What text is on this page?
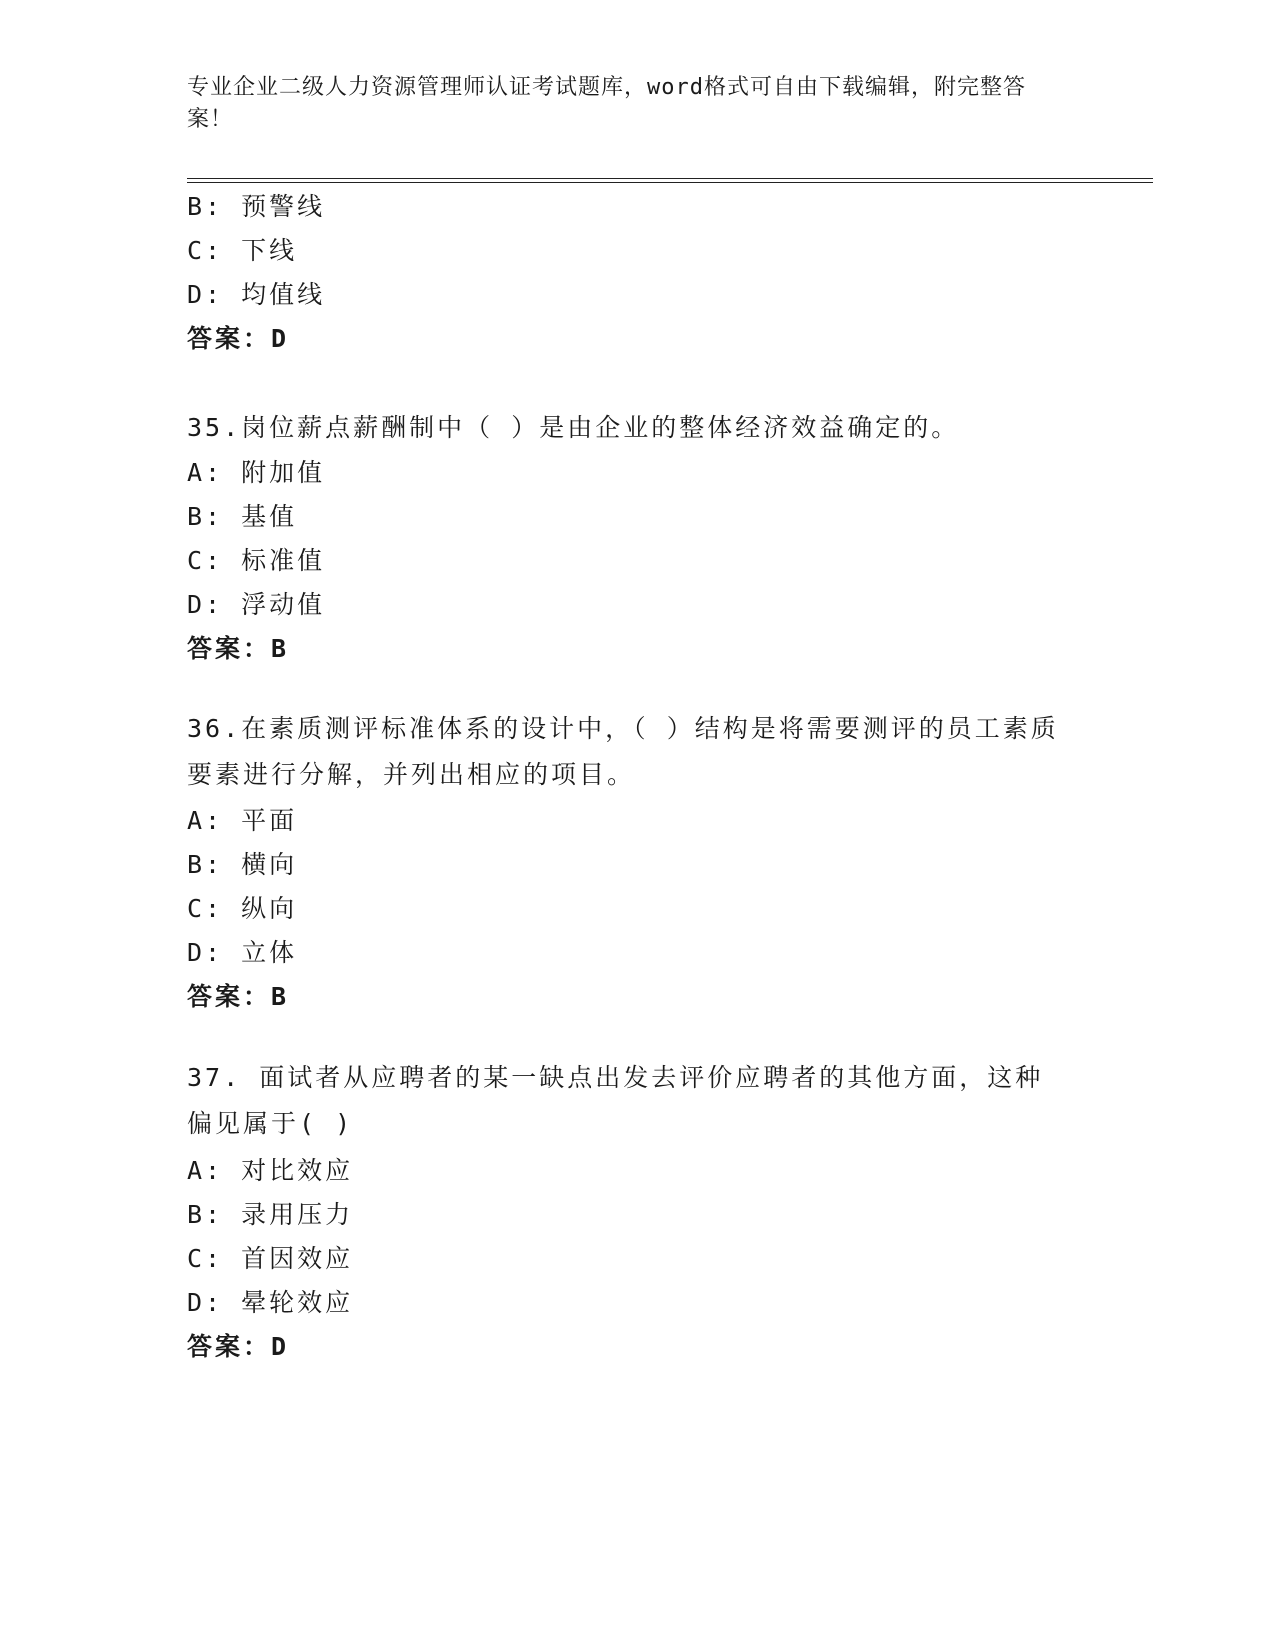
专业企业二级人力资源管理师认证考试题库，word格式可自由下载编辑，附完整答案！
B: 预警线
C: 下线
D: 均值线
答案：D
35.岗位薪点薪酬制中（ ）是由企业的整体经济效益确定的。
A: 附加值
B: 基值
C: 标准值
D: 浮动值
答案：B
36.在素质测评标准体系的设计中，（ ）结构是将需要测评的员工素质要素进行分解，并列出相应的项目。
A: 平面
B: 横向
C: 纵向
D: 立体
答案：B
37. 面试者从应聘者的某一缺点出发去评价应聘者的其他方面，这种偏见属于( )
A: 对比效应
B: 录用压力
C: 首因效应
D: 晕轮效应
答案：D
